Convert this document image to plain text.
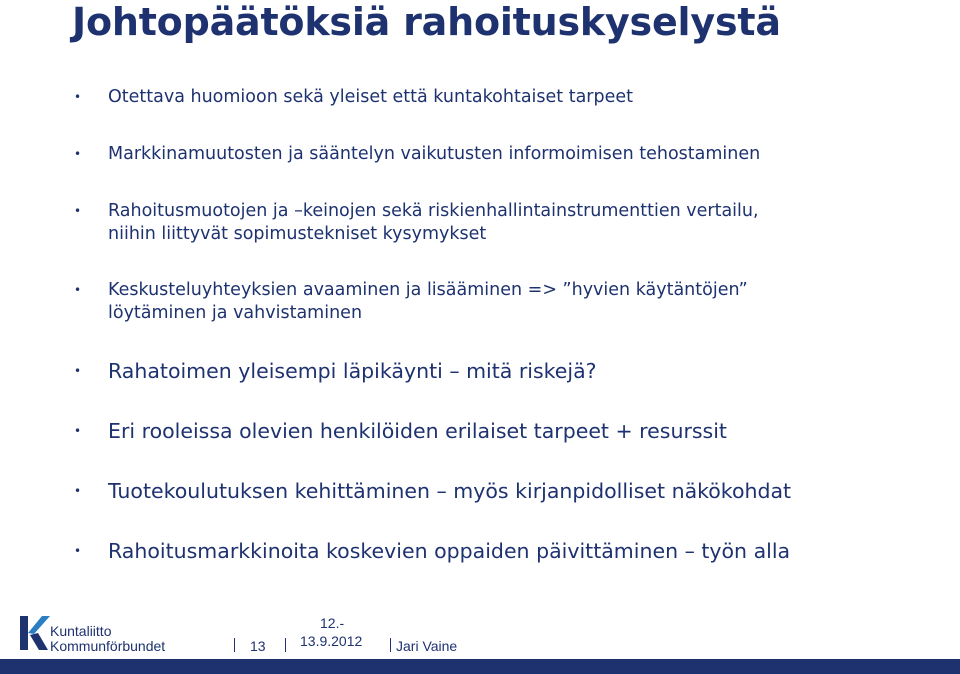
Johtopäätöksiä rahoituskyselystä
• Otettava huomioon sekä yleiset että kuntakohtaiset tarpeet
• Markkinamuutosten ja sääntelyn vaikutusten informoimisen tehostaminen
• Rahoitusmuotojen ja –keinojen sekä riskienhallintainstrumenttien vertailu,
niihin liittyvät sopimustekniset kysymykset
• Keskusteluyhteyksien avaaminen ja lisääminen => ”hyvien käytäntöjen”
löytäminen ja vahvistaminen
• Rahatoimen yleisempi läpikäynti – mitä riskejä?
• Eri rooleissa olevien henkilöiden erilaiset tarpeet + resurssit
• Tuotekoulutuksen kehittäminen – myös kirjanpidolliset näkökohdat
• Rahoitusmarkkinoita koskevien oppaiden päivittäminen – työn alla
Kuntaliitto
Kommunförbundet	13
12.-
13.9.2012 Jari Vaine
